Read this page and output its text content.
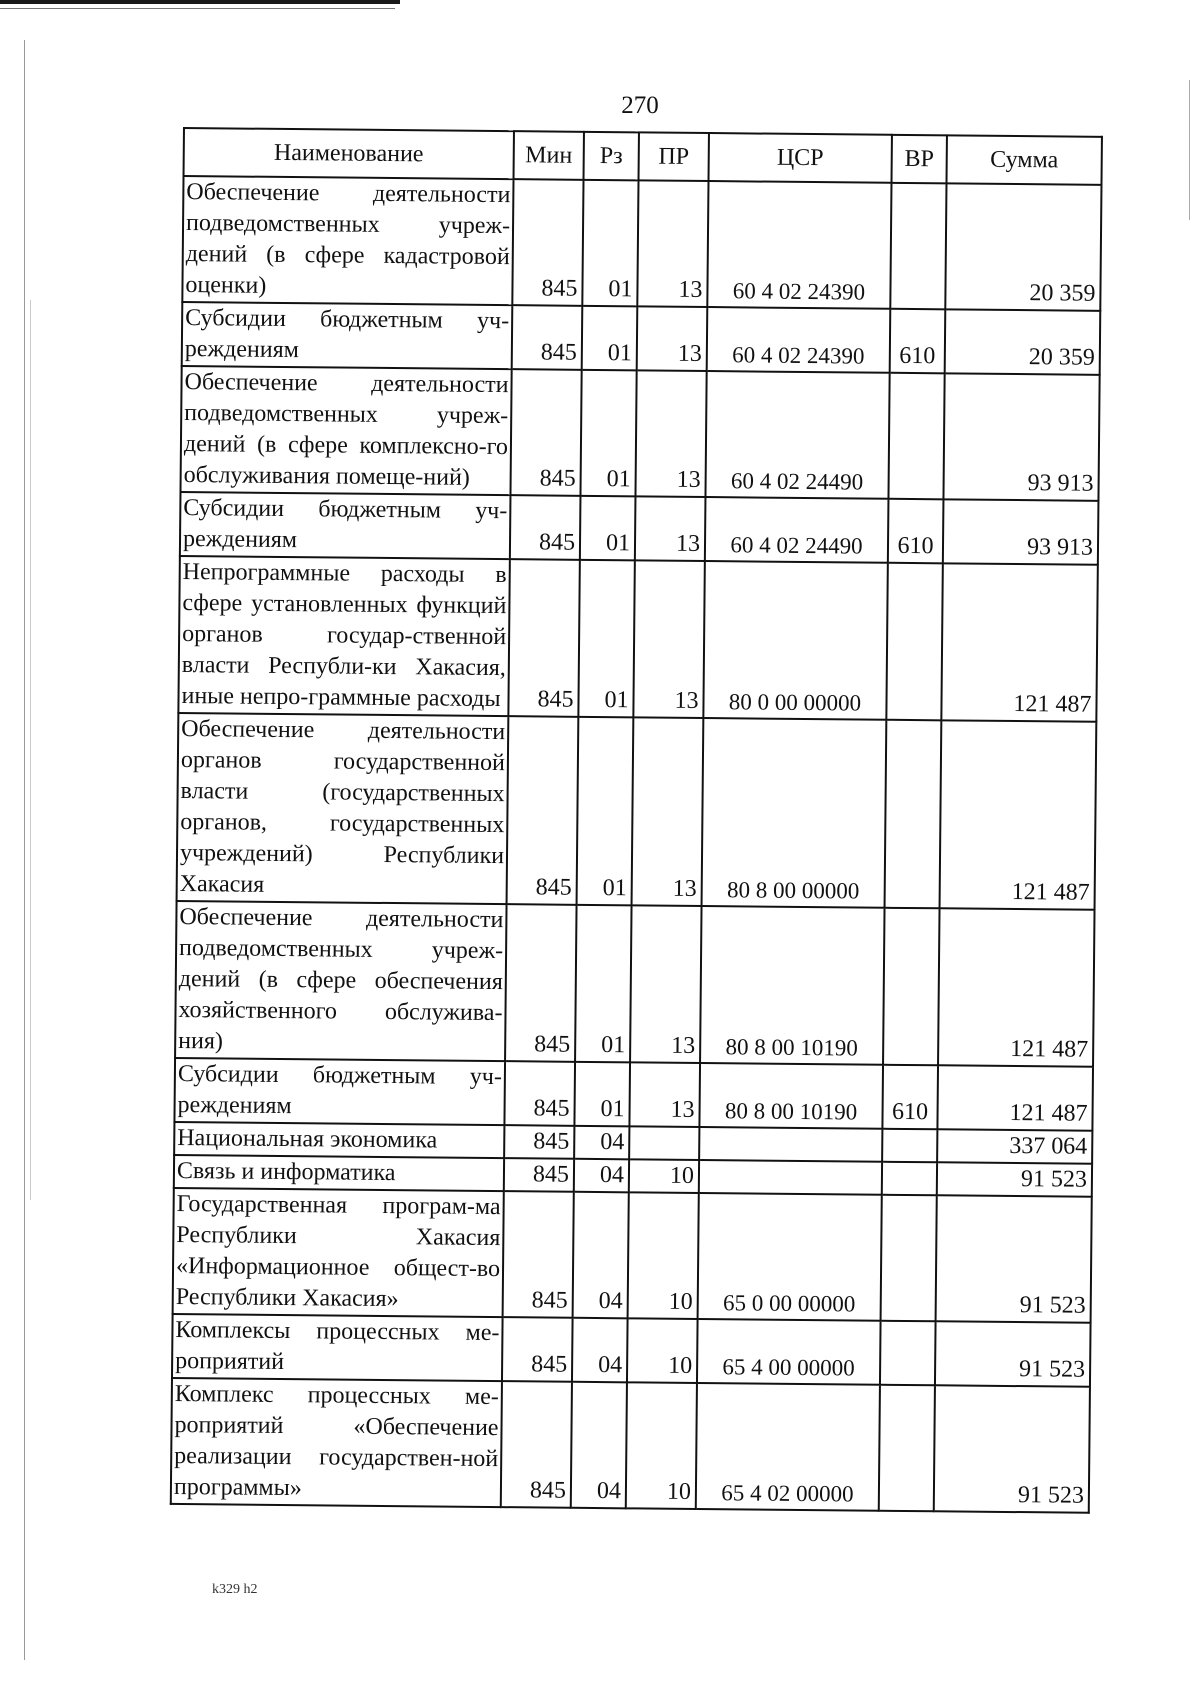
270
Наименование	Мин	Рз	ПР	ЦСР	ВР	Сумма
Обеспечение деятельности подведомственных учреж-дений (в сфере кадастровой оценки)	845	01	13	60 4 02 24390		20 359
Субсидии бюджетным уч-реждениям	845	01	13	60 4 02 24390	610	20 359
Обеспечение деятельности подведомственных учреж-дений (в сфере комплексно-го обслуживания помеще-ний)	845	01	13	60 4 02 24490		93 913
Субсидии бюджетным уч-реждениям	845	01	13	60 4 02 24490	610	93 913
Непрограммные расходы в сфере установленных функций органов государ-ственной власти Республи-ки Хакасия, иные непро-граммные расходы	845	01	13	80 0 00 00000		121 487
Обеспечение деятельности органов государственной власти (государственных органов, государственных учреждений) Республики Хакасия	845	01	13	80 8 00 00000		121 487
Обеспечение деятельности подведомственных учреж-дений (в сфере обеспечения хозяйственного обслужива-ния)	845	01	13	80 8 00 10190		121 487
Субсидии бюджетным уч-реждениям	845	01	13	80 8 00 10190	610	121 487
Национальная экономика	845	04				337 064
Связь и информатика	845	04	10			91 523
Государственная програм-ма Республики Хакасия «Информационное общест-во Республики Хакасия»	845	04	10	65 0 00 00000		91 523
Комплексы процессных ме-роприятий	845	04	10	65 4 00 00000		91 523
Комплекс процессных ме-роприятий «Обеспечение реализации государствен-ной программы»	845	04	10	65 4 02 00000		91 523
k329 h2
